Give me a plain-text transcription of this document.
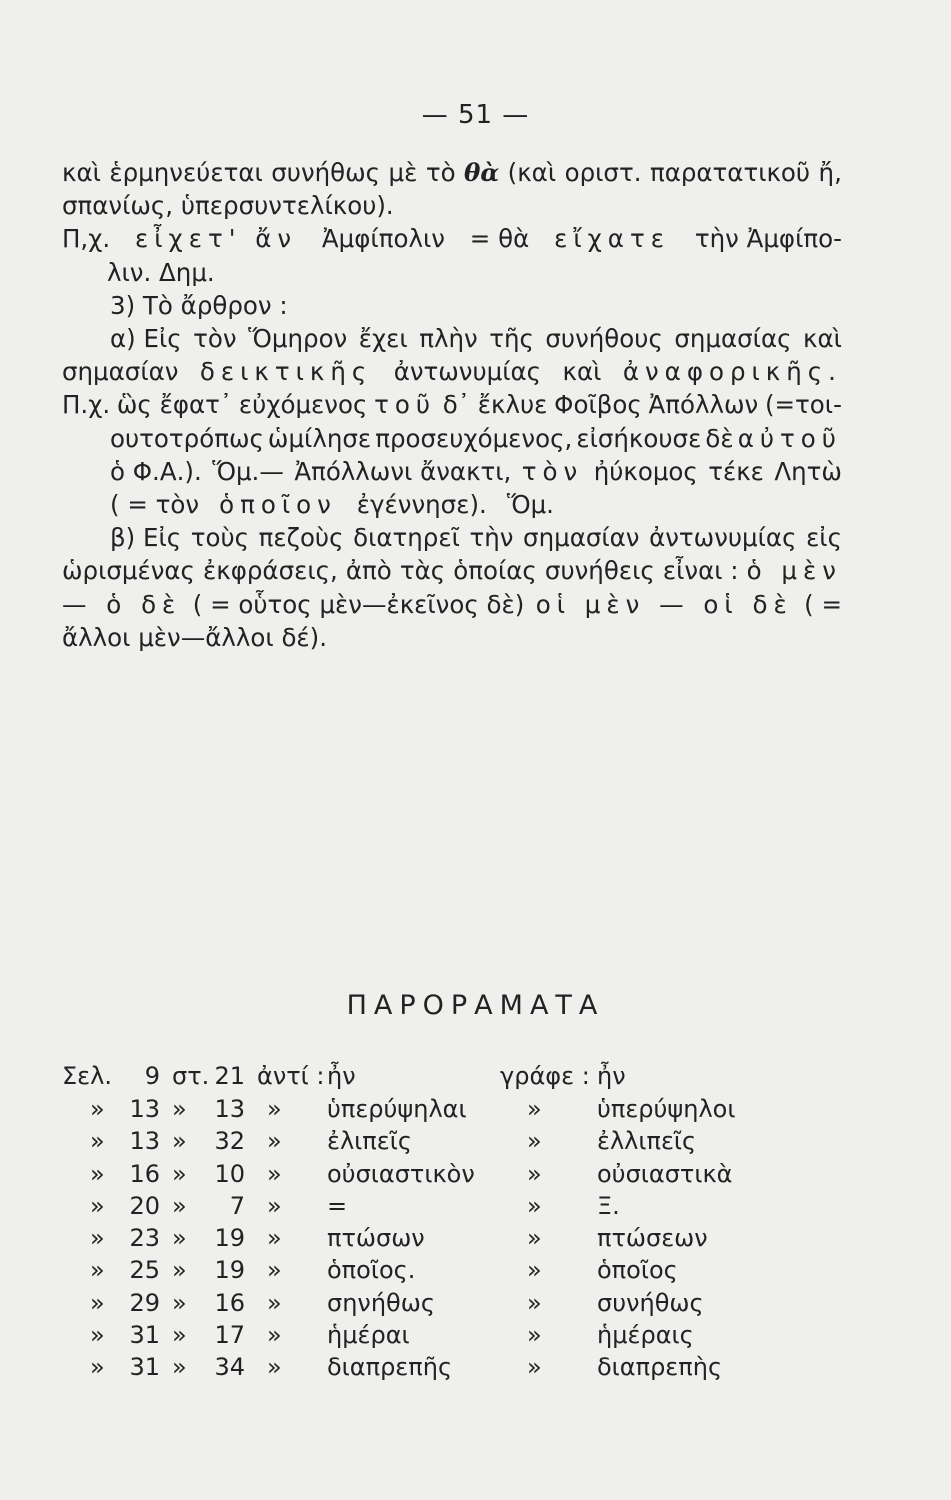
— 51 —
καὶ ἑρμηνεύεται συνήθως μὲ τὸ θὰ (καὶ οριστ. παρατατικοῦ ἤ,
σπανίως, ὑπερσυντελίκου).
Π,χ. εἶχετ' ἄν Ἀμφίπολιν = θὰ εἴχατε τὴν Ἀμφίπο-
λιν. Δημ.
3) Τὸ ἄρθρον :
α) Εἰς τὸν Ὅμηρον ἔχει πλὴν τῆς συνήθους σημασίας καὶ
σημασίαν δεικτικῆς ἀντωνυμίας καὶ ἀναφορικῆς.
Π.χ. ὣς ἔφατ᾽ εὐχόμενος τοῦ δ᾽ ἔκλυε Φοῖβος Ἀπόλλων (=τοι-
ουτοτρόπως ὡμίλησε προσευχόμενος, εἰσήκουσε δὲ αὐτοῦ
ὁ Φ.Α.). Ὅμ.— Ἀπόλλωνι ἄνακτι, τὸν ἠύκομος τέκε Λητὼ
( = τὸν ὁποῖον ἐγέννησε). Ὅμ.
β) Εἰς τοὺς πεζοὺς διατηρεῖ τὴν σημασίαν ἀντωνυμίας εἰς
ὡρισμένας ἐκφράσεις, ἀπὸ τὰς ὁποίας συνήθεις εἶναι : ὁ μὲν
— ὁ δὲ ( = οὗτος μὲν—ἐκεῖνος δὲ) οἱ μὲν — οἱ δὲ ( =
ἄλλοι μὲν—ἄλλοι δέ).
ΠΑΡΟΡΑΜΑΤΑ
Σελ.	9 στ. 21 ἀντί : ἦν	γράφε : ἦν
»	13 »	13 » ὑπερύψηλαι	» ὑπερύψηλοι
»	13 »	32 » ἐλιπεῖς	» ἐλλιπεῖς
»	16 »	10 » οὐσιαστικὸν » οὐσιαστικὰ
»	20 »	7 » =	» Ξ.
»	23 »	19 » πτώσων	» πτώσεων
»	25 »	19 » ὁποῖος.	» ὁποῖος
»	29 »	16 » σηνήθως	» συνήθως
»	31 »	17 » ἡμέραι	» ἡμέραις
»	31 »	34 » διαπρεπῆς	» διαπρεπὴς
